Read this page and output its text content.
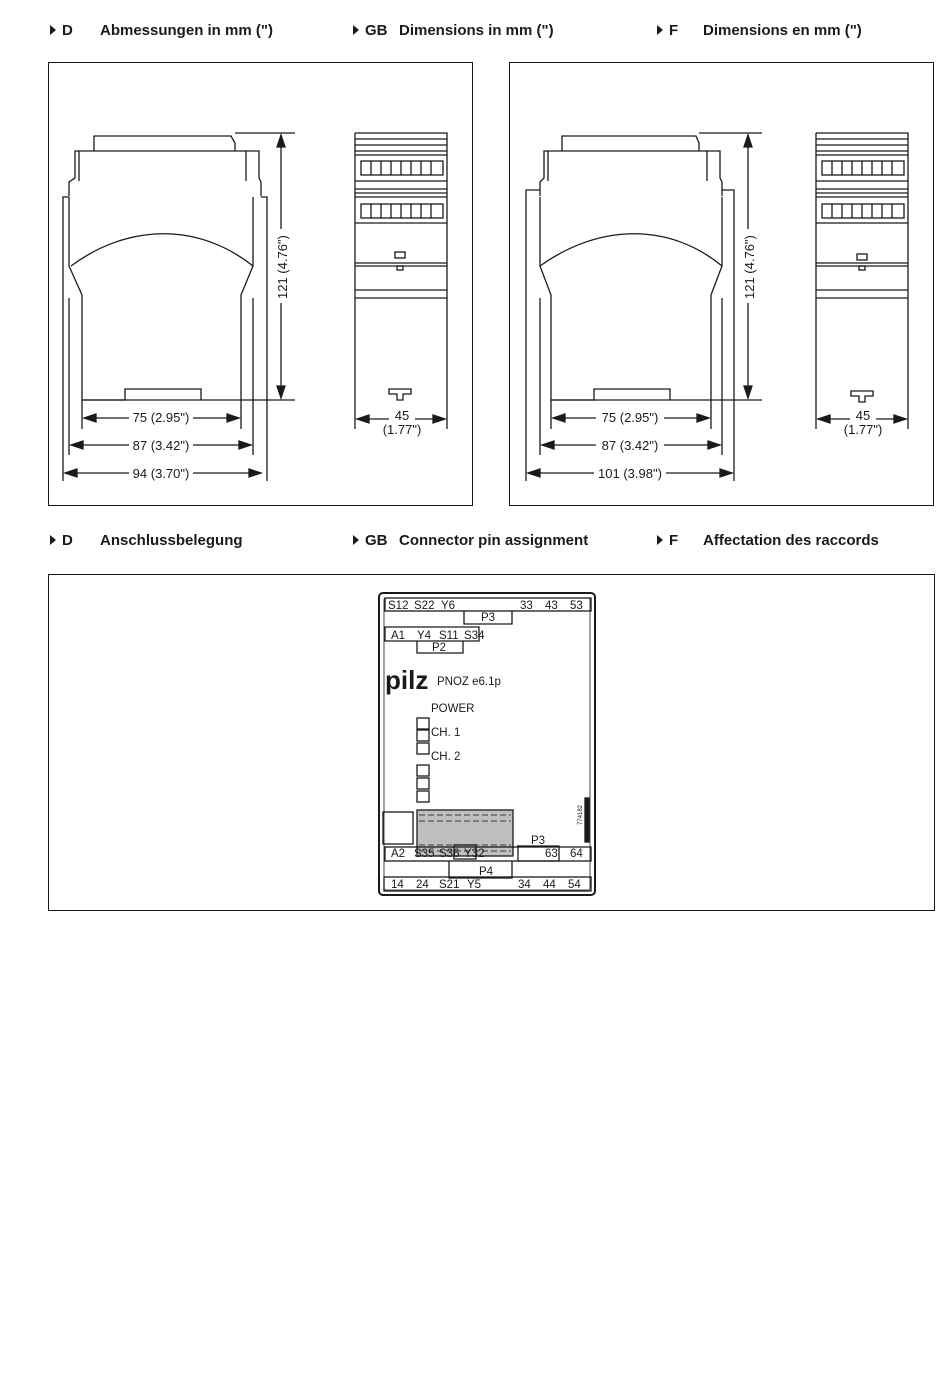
D	Abmessungen in mm (")	GB Dimensions in mm (")	F	Dimensions en mm (")
121 (4.76")
75 (2.95")
87 (3.42")
94 (3.70")
45
(1.77")
121 (4.76")
75 (2.95")
87 (3.42")
101 (3.98")
45
(1.77")
D	Anschlussbelegung	GB Connector pin assignment	F	Affectation des raccords
S12 S22 Y6	33 43 53
P3
A1 Y4 S11 S34
P2
pilz PNOZ e6.1p
POWER
CH. 1
CH. 2
774182
P3
A2 S35 S36 Y32	63 64
P4
14 24 S21 Y5	34 44 54
